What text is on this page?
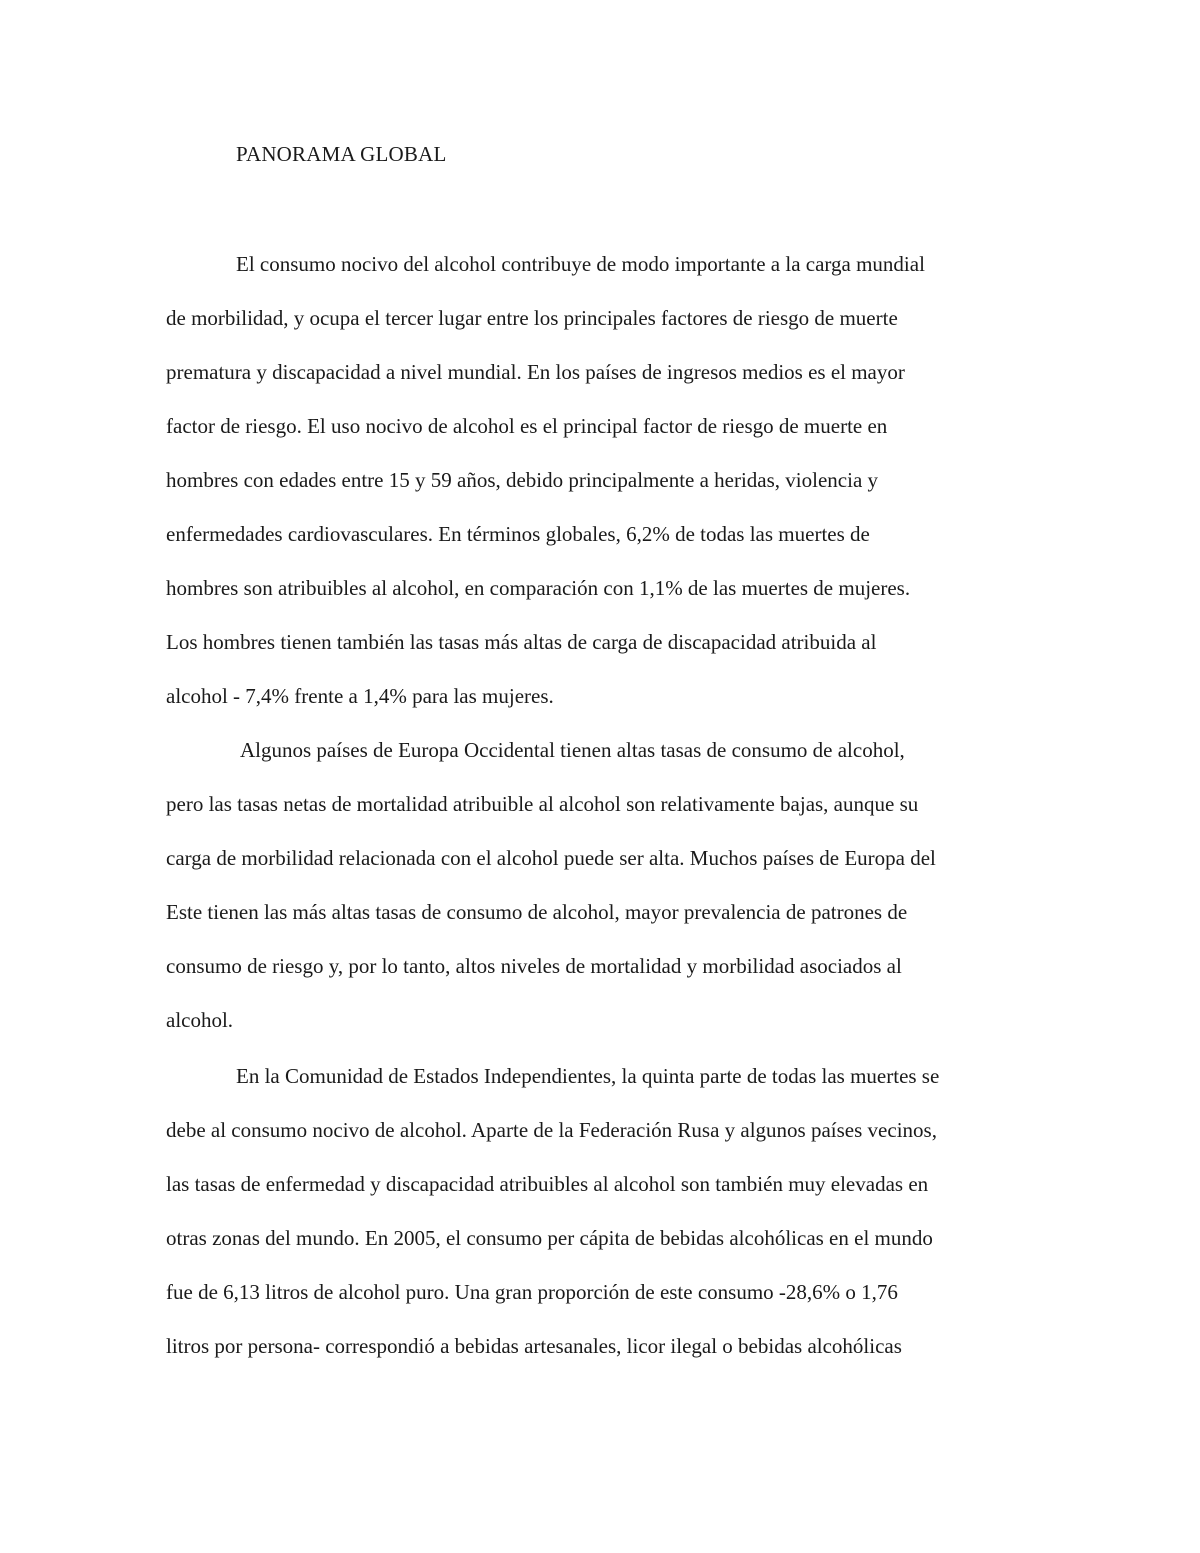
PANORAMA GLOBAL

El consumo nocivo del alcohol contribuye de modo importante a la carga mundial

de morbilidad, y ocupa el tercer lugar entre los principales factores de riesgo de muerte

prematura y discapacidad a nivel mundial. En los países de ingresos medios es el mayor

factor de riesgo. El uso nocivo de alcohol es el principal factor de riesgo de muerte en

hombres con edades entre 15 y 59 años, debido principalmente a heridas, violencia y

enfermedades cardiovasculares. En términos globales, 6,2% de todas las muertes de

hombres son atribuibles al alcohol, en comparación con 1,1% de las muertes de mujeres.

Los hombres tienen también las tasas más altas de carga de discapacidad atribuida al

alcohol - 7,4% frente a 1,4% para las mujeres.

Algunos países de Europa Occidental tienen altas tasas de consumo de alcohol,

pero las tasas netas de mortalidad atribuible al alcohol son relativamente bajas, aunque su

carga de morbilidad relacionada con el alcohol puede ser alta. Muchos países de Europa del

Este tienen las más altas tasas de consumo de alcohol, mayor prevalencia de patrones de

consumo de riesgo y, por lo tanto, altos niveles de mortalidad y morbilidad asociados al

alcohol.

En la Comunidad de Estados Independientes, la quinta parte de todas las muertes se

debe al consumo nocivo de alcohol. Aparte de la Federación Rusa y algunos países vecinos,

las tasas de enfermedad y discapacidad atribuibles al alcohol son también muy elevadas en

otras zonas del mundo. En 2005, el consumo per cápita de bebidas alcohólicas en el mundo

fue de 6,13 litros de alcohol puro. Una gran proporción de este consumo -28,6% o 1,76

litros por persona- correspondió a bebidas artesanales, licor ilegal o bebidas alcohólicas
